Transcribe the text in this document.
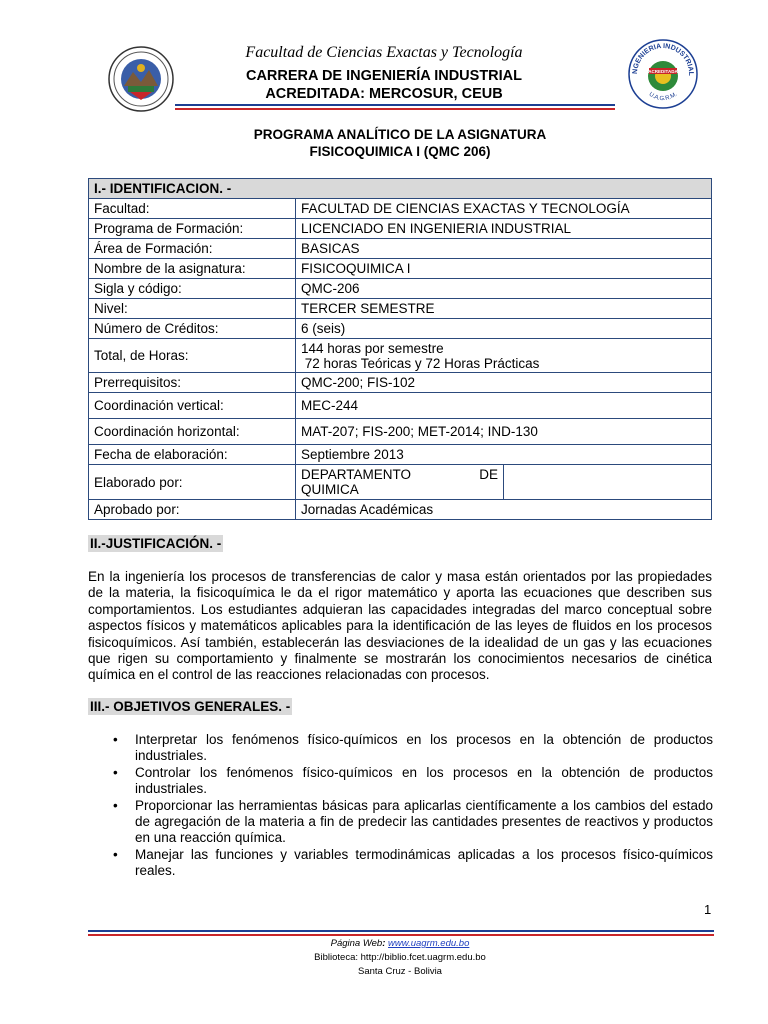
Facultad de Ciencias Exactas y Tecnología
CARRERA DE INGENIERÍA INDUSTRIAL
ACREDITADA: MERCOSUR, CEUB
NGENIERIA INDUSTRIAL
ACREDITADA
U.A.G.R.M.
PROGRAMA ANALÍTICO DE LA ASIGNATURA
FISICOQUIMICA I (QMC 206)
I.- IDENTIFICACION. -	
Facultad:	FACULTAD DE CIENCIAS EXACTAS Y TECNOLOGÍA
Programa de Formación:	LICENCIADO EN INGENIERIA INDUSTRIAL
Área de Formación:	BASICAS
Nombre de la asignatura:	FISICOQUIMICA I
Sigla y código:	QMC-206
Nivel:	TERCER SEMESTRE
Número de Créditos:	6 (seis)
Total, de Horas:	144 horas por semestre
72 horas Teóricas y 72 Horas Prácticas

Prerrequisitos:	QMC-200; FIS-102
Coordinación vertical:	MEC-244
Coordinación horizontal:	MAT-207; FIS-200; MET-2014; IND-130
Fecha de elaboración:	Septiembre 2013
Elaborado por:	DEPARTAMENTO DE
QUIMICA

Aprobado por:	Jornadas Académicas
II.-JUSTIFICACIÓN. -

En la ingeniería los procesos de transferencias de calor y masa están orientados por las propiedades de la materia, la fisicoquímica le da el rigor matemático y aporta las ecuaciones que describen sus comportamientos. Los estudiantes adquieran las capacidades integradas del marco conceptual sobre aspectos físicos y matemáticos aplicables para la identificación de las leyes de fluidos en los procesos fisicoquímicos. Así también, establecerán las desviaciones de la idealidad de un gas y las ecuaciones que rigen su comportamiento y finalmente se mostrarán los conocimientos necesarios de cinética química en el control de las reacciones relacionadas con procesos.

III.- OBJETIVOS GENERALES. -
• Interpretar los fenómenos físico-químicos en los procesos en la obtención de productos industriales.
• Controlar los fenómenos físico-químicos en los procesos en la obtención de productos industriales.
• Proporcionar las herramientas básicas para aplicarlas científicamente a los cambios del estado de agregación de la materia a fin de predecir las cantidades presentes de reactivos y productos en una reacción química.
• Manejar las funciones y variables termodinámicas aplicadas a los procesos físico-químicos reales.
1
Página Web: www.uagrm.edu.bo
Biblioteca: http://biblio.fcet.uagrm.edu.bo
Santa Cruz - Bolivia
